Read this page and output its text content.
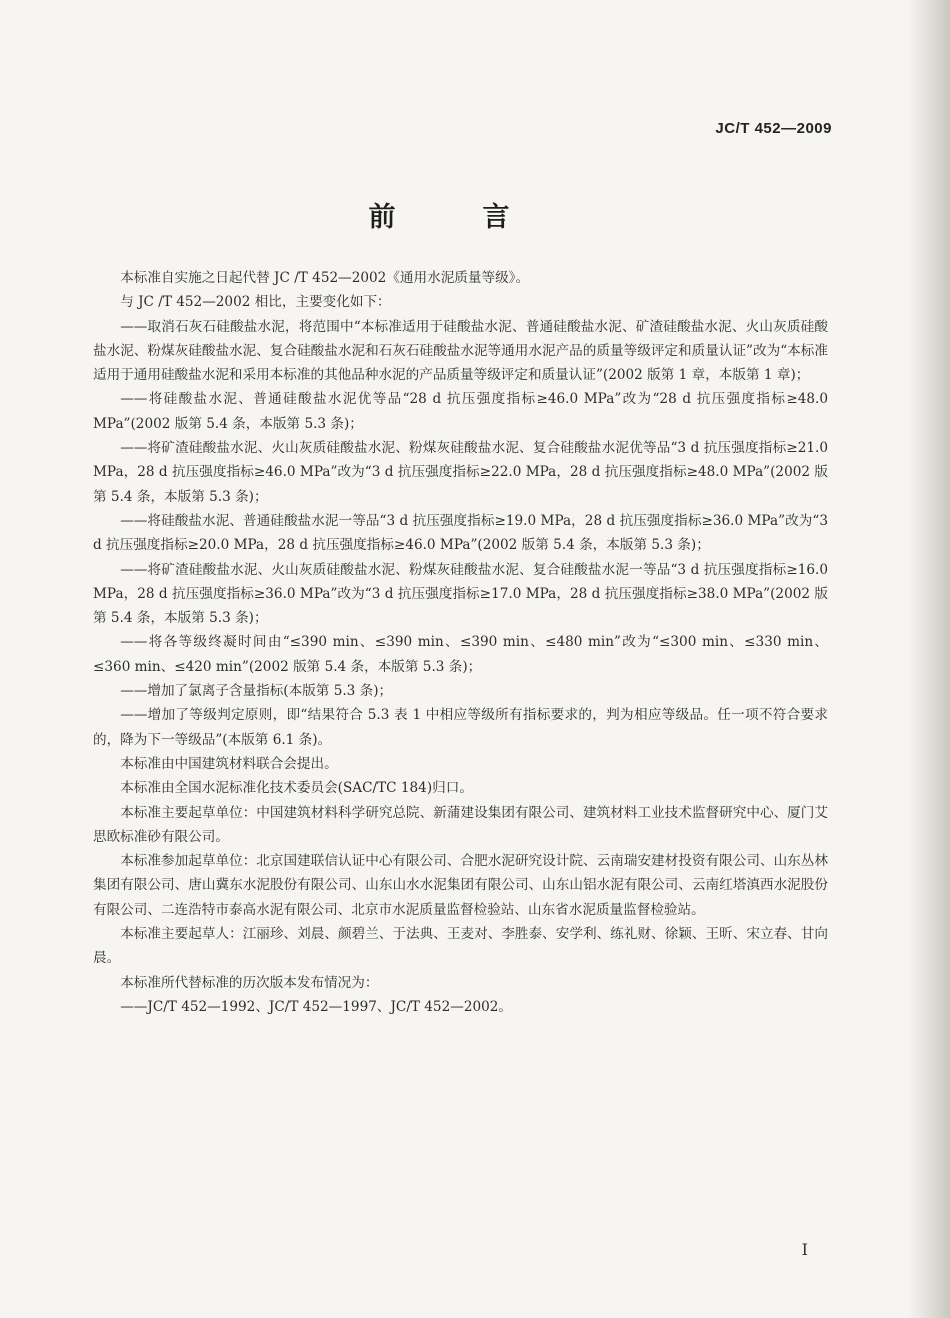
JC/T 452—2009
前　言

本标准自实施之日起代替 JC /T 452—2002《通用水泥质量等级》。

与 JC /T 452—2002 相比，主要变化如下：

——取消石灰石硅酸盐水泥，将范围中“本标准适用于硅酸盐水泥、普通硅酸盐水泥、矿渣硅酸盐水泥、火山灰质硅酸盐水泥、粉煤灰硅酸盐水泥、复合硅酸盐水泥和石灰石硅酸盐水泥等通用水泥产品的质量等级评定和质量认证”改为“本标准适用于通用硅酸盐水泥和采用本标准的其他品种水泥的产品质量等级评定和质量认证”(2002 版第 1 章，本版第 1 章)；

——将硅酸盐水泥、普通硅酸盐水泥优等品“28 d 抗压强度指标≥46.0 MPa”改为“28 d 抗压强度指标≥48.0 MPa”(2002 版第 5.4 条，本版第 5.3 条)；

——将矿渣硅酸盐水泥、火山灰质硅酸盐水泥、粉煤灰硅酸盐水泥、复合硅酸盐水泥优等品“3 d 抗压强度指标≥21.0 MPa，28 d 抗压强度指标≥46.0 MPa”改为“3 d 抗压强度指标≥22.0 MPa，28 d 抗压强度指标≥48.0 MPa”(2002 版第 5.4 条，本版第 5.3 条)；

——将硅酸盐水泥、普通硅酸盐水泥一等品“3 d 抗压强度指标≥19.0 MPa，28 d 抗压强度指标≥36.0 MPa”改为“3 d 抗压强度指标≥20.0 MPa，28 d 抗压强度指标≥46.0 MPa”(2002 版第 5.4 条，本版第 5.3 条)；

——将矿渣硅酸盐水泥、火山灰质硅酸盐水泥、粉煤灰硅酸盐水泥、复合硅酸盐水泥一等品“3 d 抗压强度指标≥16.0 MPa，28 d 抗压强度指标≥36.0 MPa”改为“3 d 抗压强度指标≥17.0 MPa，28 d 抗压强度指标≥38.0 MPa”(2002 版第 5.4 条，本版第 5.3 条)；

——将各等级终凝时间由“≤390 min、≤390 min、≤390 min、≤480 min”改为“≤300 min、≤330 min、≤360 min、≤420 min”(2002 版第 5.4 条，本版第 5.3 条)；

——增加了氯离子含量指标(本版第 5.3 条)；

——增加了等级判定原则，即“结果符合 5.3 表 1 中相应等级所有指标要求的，判为相应等级品。任一项不符合要求的，降为下一等级品”(本版第 6.1 条)。

本标准由中国建筑材料联合会提出。

本标准由全国水泥标准化技术委员会(SAC/TC 184)归口。

本标准主要起草单位：中国建筑材料科学研究总院、新蒲建设集团有限公司、建筑材料工业技术监督研究中心、厦门艾思欧标准砂有限公司。

本标准参加起草单位：北京国建联信认证中心有限公司、合肥水泥研究设计院、云南瑞安建材投资有限公司、山东丛林集团有限公司、唐山冀东水泥股份有限公司、山东山水水泥集团有限公司、山东山铝水泥有限公司、云南红塔滇西水泥股份有限公司、二连浩特市泰高水泥有限公司、北京市水泥质量监督检验站、山东省水泥质量监督检验站。

本标准主要起草人：江丽珍、刘晨、颜碧兰、于法典、王麦对、李胜泰、安学利、练礼财、徐颖、王昕、宋立春、甘向晨。

本标准所代替标准的历次版本发布情况为：

——JC/T 452—1992、JC/T 452—1997、JC/T 452—2002。

I
